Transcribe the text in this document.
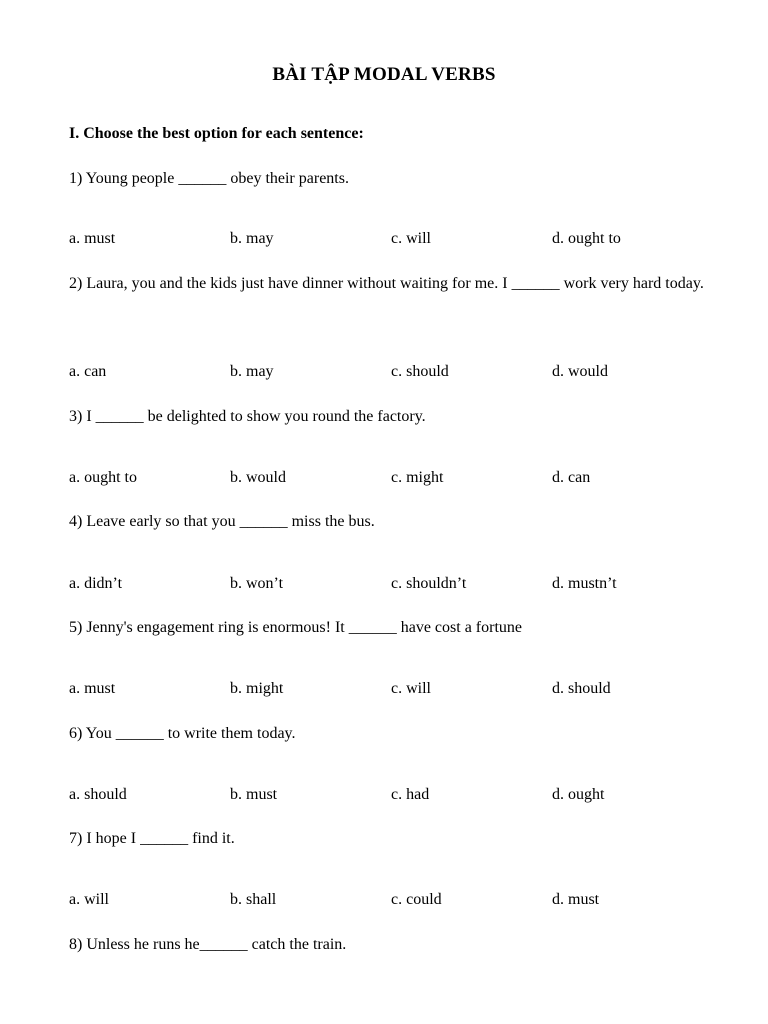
BÀI TẬP MODAL VERBS
I. Choose the best option for each sentence:
1) Young people ______ obey their parents.
a. must	b. may	c. will	d. ought to
2) Laura, you and the kids just have dinner without waiting for me. I ______ work very hard today.
a. can	b. may	c. should	d. would
3) I ______ be delighted to show you round the factory.
a. ought to	b. would	c. might	d. can
4) Leave early so that you ______ miss the bus.
a. didn’t	b. won’t	c. shouldn’t	d. mustn’t
5) Jenny's engagement ring is enormous! It ______ have cost a fortune
a. must	b. might	c. will	d. should
6) You ______ to write them today.
a. should	b. must	c. had	d. ought
7) I hope I ______ find it.
a. will	b. shall	c. could	d. must
8) Unless he runs he______ catch the train.
